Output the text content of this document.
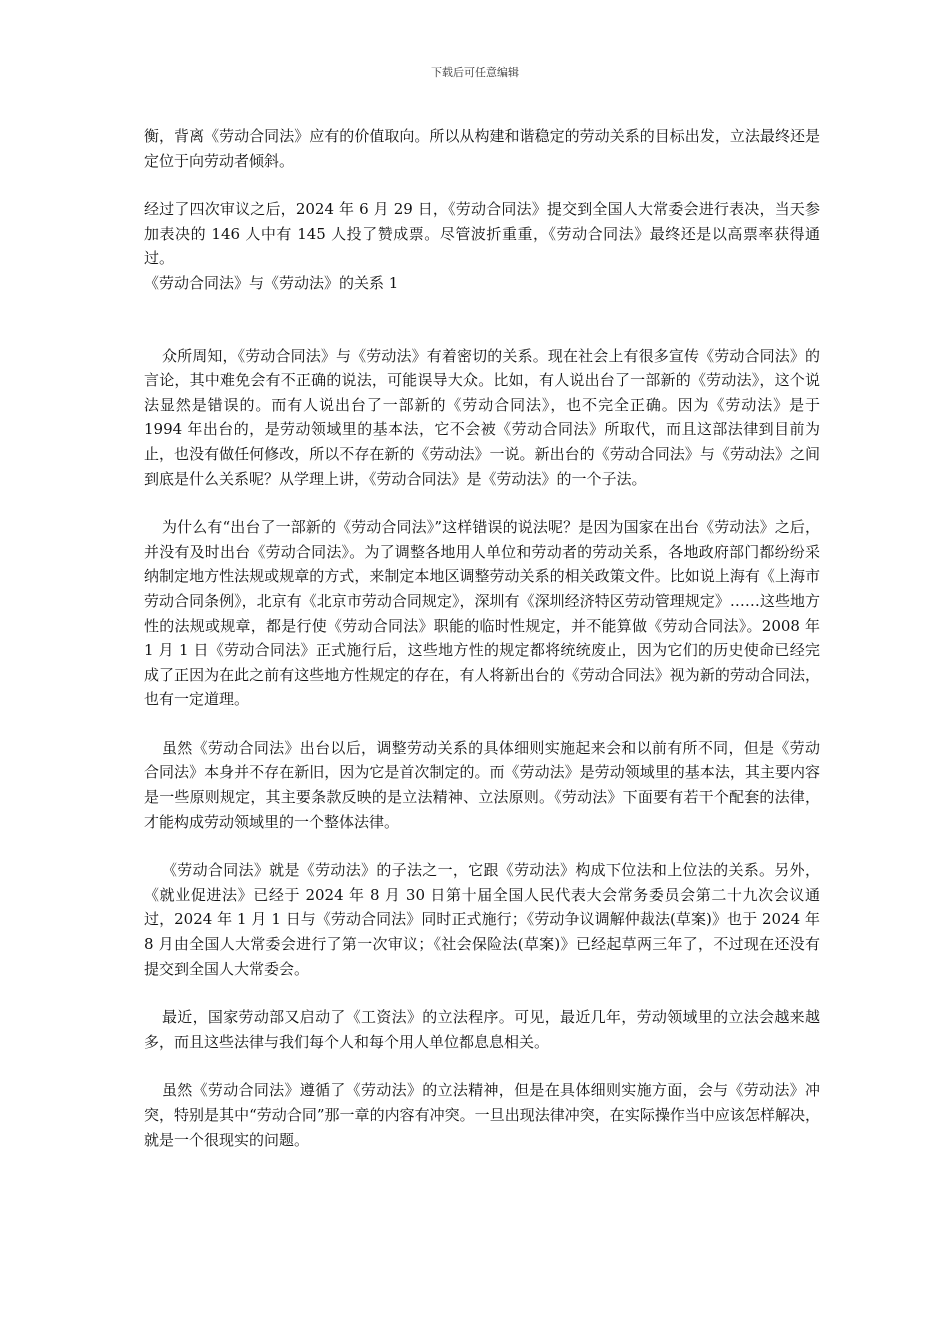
下载后可任意编辑

衡，背离《劳动合同法》应有的价值取向。所以从构建和谐稳定的劳动关系的目标出发，立法最终还是定位于向劳动者倾斜。

经过了四次审议之后，2024 年 6 月 29 日，《劳动合同法》提交到全国人大常委会进行表决，当天参加表决的 146 人中有 145 人投了赞成票。尽管波折重重，《劳动合同法》最终还是以高票率获得通过。

《劳动合同法》与《劳动法》的关系 1

众所周知，《劳动合同法》与《劳动法》有着密切的关系。现在社会上有很多宣传《劳动合同法》的言论，其中难免会有不正确的说法，可能误导大众。比如，有人说出台了一部新的《劳动法》，这个说法显然是错误的。而有人说出台了一部新的《劳动合同法》，也不完全正确。因为《劳动法》是于 1994 年出台的，是劳动领域里的基本法，它不会被《劳动合同法》所取代，而且这部法律到目前为止，也没有做任何修改，所以不存在新的《劳动法》一说。新出台的《劳动合同法》与《劳动法》之间到底是什么关系呢？从学理上讲，《劳动合同法》是《劳动法》的一个子法。

为什么有“出台了一部新的《劳动合同法》”这样错误的说法呢？是因为国家在出台《劳动法》之后，并没有及时出台《劳动合同法》。为了调整各地用人单位和劳动者的劳动关系，各地政府部门都纷纷采纳制定地方性法规或规章的方式，来制定本地区调整劳动关系的相关政策文件。比如说上海有《上海市劳动合同条例》，北京有《北京市劳动合同规定》，深圳有《深圳经济特区劳动管理规定》……这些地方性的法规或规章，都是行使《劳动合同法》职能的临时性规定，并不能算做《劳动合同法》。2008 年 1 月 1 日《劳动合同法》正式施行后，这些地方性的规定都将统统废止，因为它们的历史使命已经完成了正因为在此之前有这些地方性规定的存在，有人将新出台的《劳动合同法》视为新的劳动合同法，也有一定道理。

虽然《劳动合同法》出台以后，调整劳动关系的具体细则实施起来会和以前有所不同，但是《劳动合同法》本身并不存在新旧，因为它是首次制定的。而《劳动法》是劳动领域里的基本法，其主要内容是一些原则规定，其主要条款反映的是立法精神、立法原则。《劳动法》下面要有若干个配套的法律，才能构成劳动领域里的一个整体法律。

《劳动合同法》就是《劳动法》的子法之一，它跟《劳动法》构成下位法和上位法的关系。另外，《就业促进法》已经于 2024 年 8 月 30 日第十届全国人民代表大会常务委员会第二十九次会议通过，2024 年 1 月 1 日与《劳动合同法》同时正式施行；《劳动争议调解仲裁法(草案)》也于 2024 年 8 月由全国人大常委会进行了第一次审议；《社会保险法(草案)》已经起草两三年了，不过现在还没有提交到全国人大常委会。

最近，国家劳动部又启动了《工资法》的立法程序。可见，最近几年，劳动领域里的立法会越来越多，而且这些法律与我们每个人和每个用人单位都息息相关。

虽然《劳动合同法》遵循了《劳动法》的立法精神，但是在具体细则实施方面，会与《劳动法》冲突，特别是其中“劳动合同”那一章的内容有冲突。一旦出现法律冲突，在实际操作当中应该怎样解决，就是一个很现实的问题。
